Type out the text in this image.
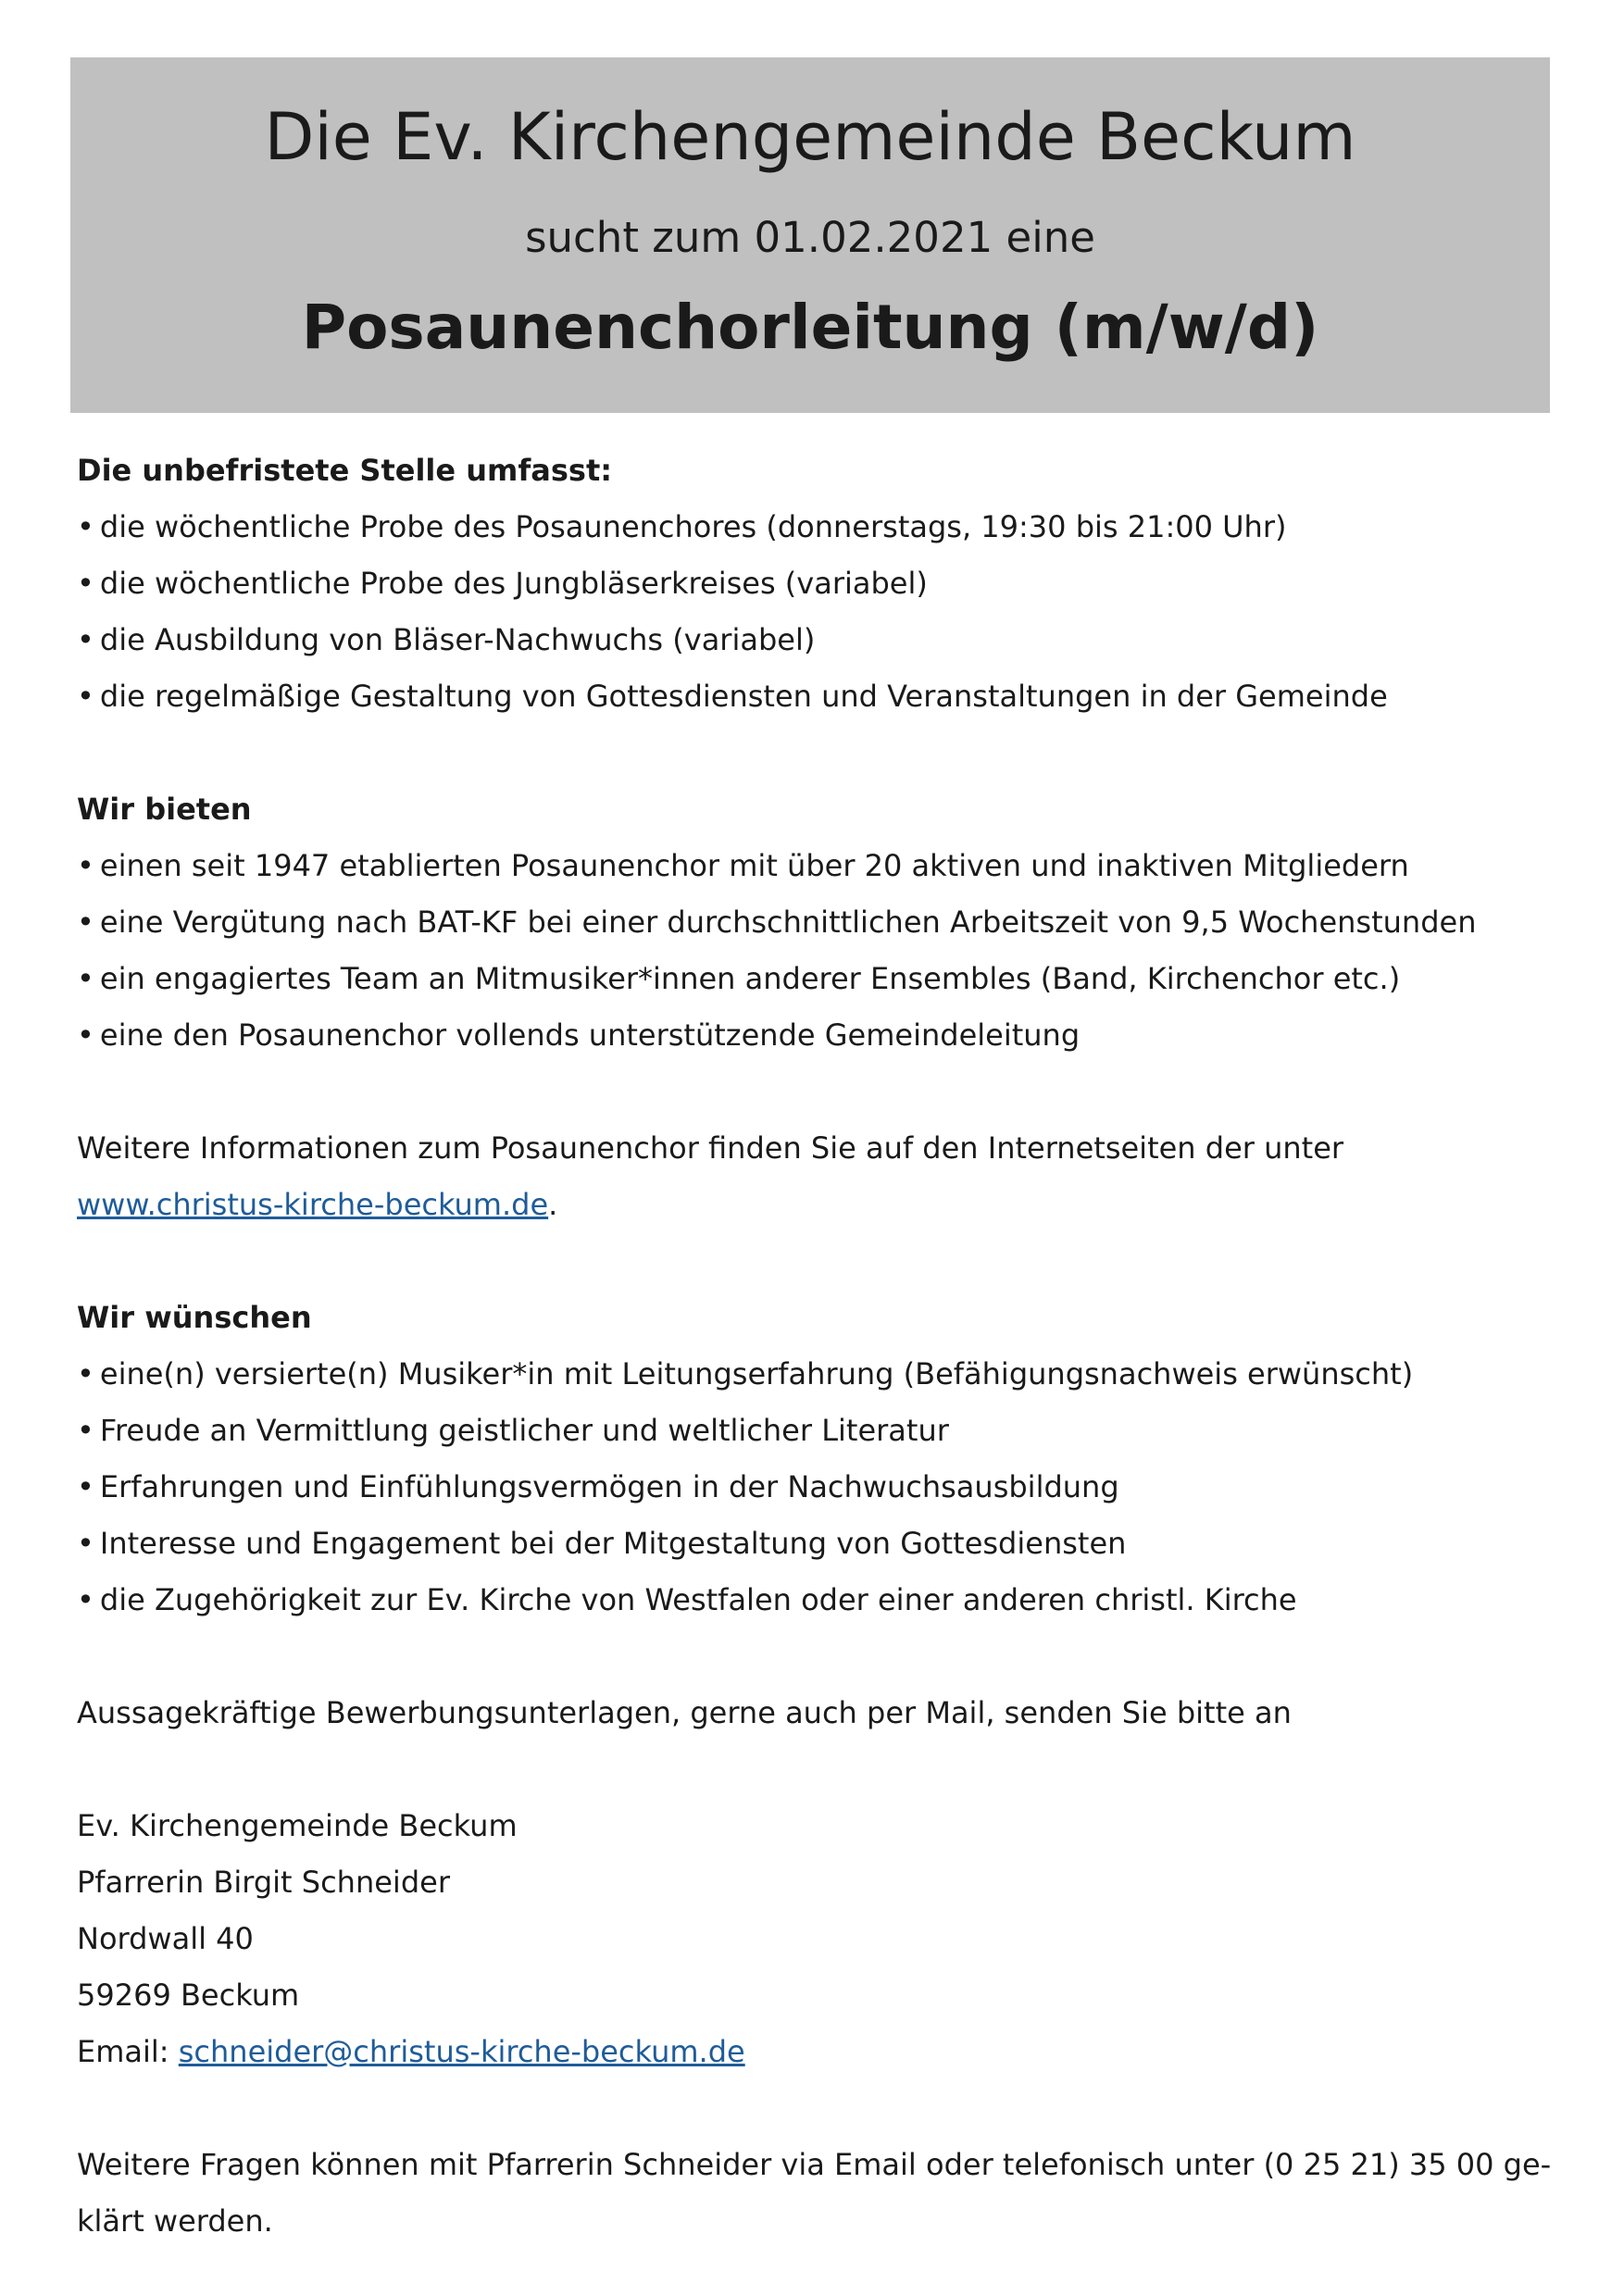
Die Ev. Kirchengemeinde Beckum
sucht zum 01.02.2021 eine
Posaunenchorleitung (m/w/d)
Die unbefristete Stelle umfasst:
• die wöchentliche Probe des Posaunenchores (donnerstags, 19:30 bis 21:00 Uhr)
• die wöchentliche Probe des Jungbläserkreises (variabel)
• die Ausbildung von Bläser-Nachwuchs (variabel)
• die regelmäßige Gestaltung von Gottesdiensten und Veranstaltungen in der Gemeinde
Wir bieten
• einen seit 1947 etablierten Posaunenchor mit über 20 aktiven und inaktiven Mitgliedern
• eine Vergütung nach BAT-KF bei einer durchschnittlichen Arbeitszeit von 9,5 Wochenstunden
• ein engagiertes Team an Mitmusiker*innen anderer Ensembles (Band, Kirchenchor etc.)
• eine den Posaunenchor vollends unterstützende Gemeindeleitung
Weitere Informationen zum Posaunenchor finden Sie auf den Internetseiten der unter
www.christus-kirche-beckum.de.
Wir wünschen
• eine(n) versierte(n) Musiker*in mit Leitungserfahrung (Befähigungsnachweis erwünscht)
• Freude an Vermittlung geistlicher und weltlicher Literatur
• Erfahrungen und Einfühlungsvermögen in der Nachwuchsausbildung
• Interesse und Engagement bei der Mitgestaltung von Gottesdiensten
• die Zugehörigkeit zur Ev. Kirche von Westfalen oder einer anderen christl. Kirche
Aussagekräftige Bewerbungsunterlagen, gerne auch per Mail, senden Sie bitte an
Ev. Kirchengemeinde Beckum
Pfarrerin Birgit Schneider
Nordwall 40
59269 Beckum
Email: schneider@christus-kirche-beckum.de
Weitere Fragen können mit Pfarrerin Schneider via Email oder telefonisch unter (0 25 21) 35 00 ge-
klärt werden.
